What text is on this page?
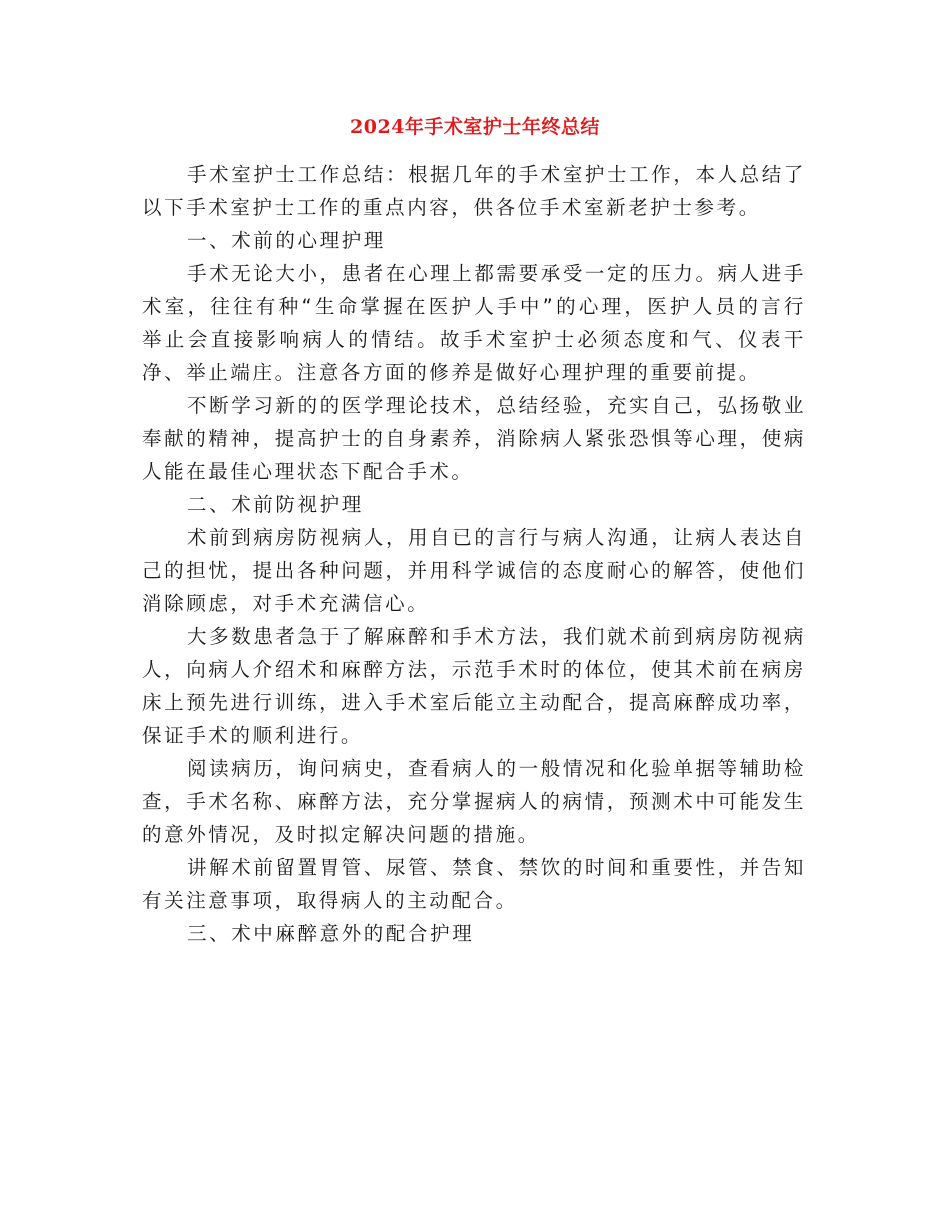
2024年手术室护士年终总结

手术室护士工作总结：根据几年的手术室护士工作，本人总结了以下手术室护士工作的重点内容，供各位手术室新老护士参考。

一、术前的心理护理

手术无论大小，患者在心理上都需要承受一定的压力。病人进手术室，往往有种“生命掌握在医护人手中”的心理，医护人员的言行举止会直接影响病人的情结。故手术室护士必须态度和气、仪表干净、举止端庄。注意各方面的修养是做好心理护理的重要前提。

不断学习新的的医学理论技术，总结经验，充实自己，弘扬敬业奉献的精神，提高护士的自身素养，消除病人紧张恐惧等心理，使病人能在最佳心理状态下配合手术。

二、术前防视护理

术前到病房防视病人，用自已的言行与病人沟通，让病人表达自己的担忧，提出各种问题，并用科学诚信的态度耐心的解答，使他们消除顾虑，对手术充满信心。

大多数患者急于了解麻醉和手术方法，我们就术前到病房防视病人，向病人介绍术和麻醉方法，示范手术时的体位，使其术前在病房床上预先进行训练，进入手术室后能立主动配合，提高麻醉成功率，保证手术的顺利进行。

阅读病历，询问病史，查看病人的一般情况和化验单据等辅助检查，手术名称、麻醉方法，充分掌握病人的病情，预测术中可能发生的意外情况，及时拟定解决问题的措施。

讲解术前留置胃管、尿管、禁食、禁饮的时间和重要性，并告知有关注意事项，取得病人的主动配合。

三、术中麻醉意外的配合护理
